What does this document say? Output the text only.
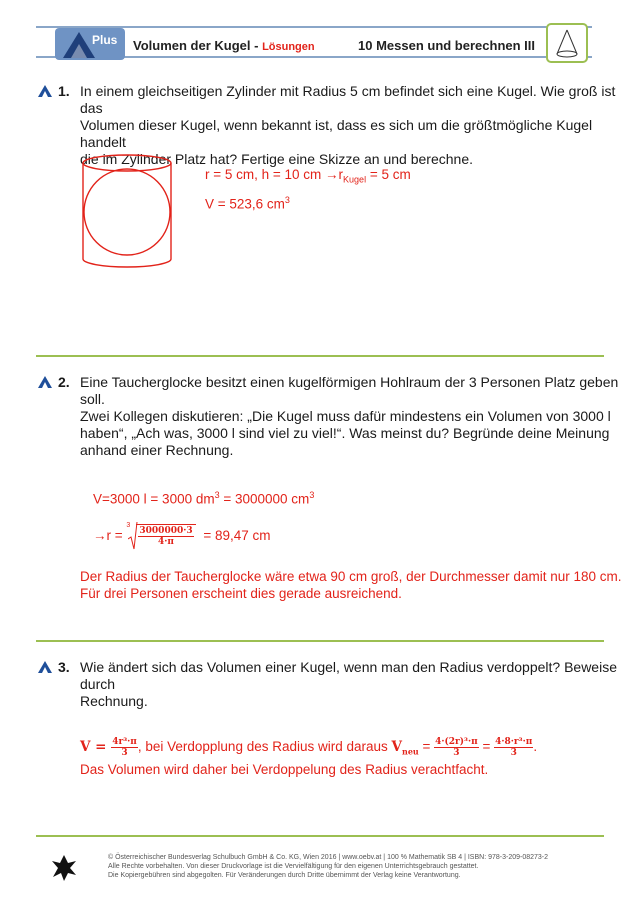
Plus Volumen der Kugel - Lösungen	10 Messen und berechnen III
1. In einem gleichseitigen Zylinder mit Radius 5 cm befindet sich eine Kugel. Wie groß ist das
Volumen dieser Kugel, wenn bekannt ist, dass es sich um die größtmögliche Kugel handelt
die im Zylinder Platz hat? Fertige eine Skizze an und berechne.
r = 5 cm, h = 10 cm $\to r_{Kugel} = 5$ cm
V = 523,6 $cm^3$
2. Eine Taucherglocke besitzt einen kugelförmigen Hohlraum der 3 Personen Platz geben soll.
Zwei Kollegen diskutieren: „Die Kugel muss dafür mindestens ein Volumen von 3000 l
haben“, „Ach was, 3000 l sind viel zu viel!“. Was meinst du? Begründe deine Meinung
anhand einer Rechnung.
V=3000 l = 3000 $dm^3 = 3000000$ $cm^3$
→r =
$3 \frac{3000000\cdot 3}{4\cdot\pi} = 89,47$ cm
Der Radius der Taucherglocke wäre etwa 90 cm groß, der Durchmesser damit nur 180 cm.
Für drei Personen erscheint dies gerade ausreichend.
3. Wie ändert sich das Volumen einer Kugel, wenn man den Radius verdoppelt? Beweise durch
Rechnung.
$V = \frac{\text{4r³·π}}{3}$ , bei Verdopplung des Radius wird daraus $V_{neu} = \frac{\text{4·(2r)³·π}}{3} = \frac{\text{4·8·r³·π}}{3}$ .
Das Volumen wird daher bei Verdoppelung des Radius verachtfacht.
© Österreichischer Bundesverlag Schulbuch GmbH & Co. KG, Wien 2016 | www.oebv.at | 100 % Mathematik SB 4 | ISBN: 978-3-209-08273-2
Alle Rechte vorbehalten. Von dieser Druckvorlage ist die Vervielfältigung für den eigenen Unterrichtsgebrauch gestattet.
Die Kopiergebühren sind abgegolten. Für Veränderungen durch Dritte übernimmt der Verlag keine Verantwortung.
